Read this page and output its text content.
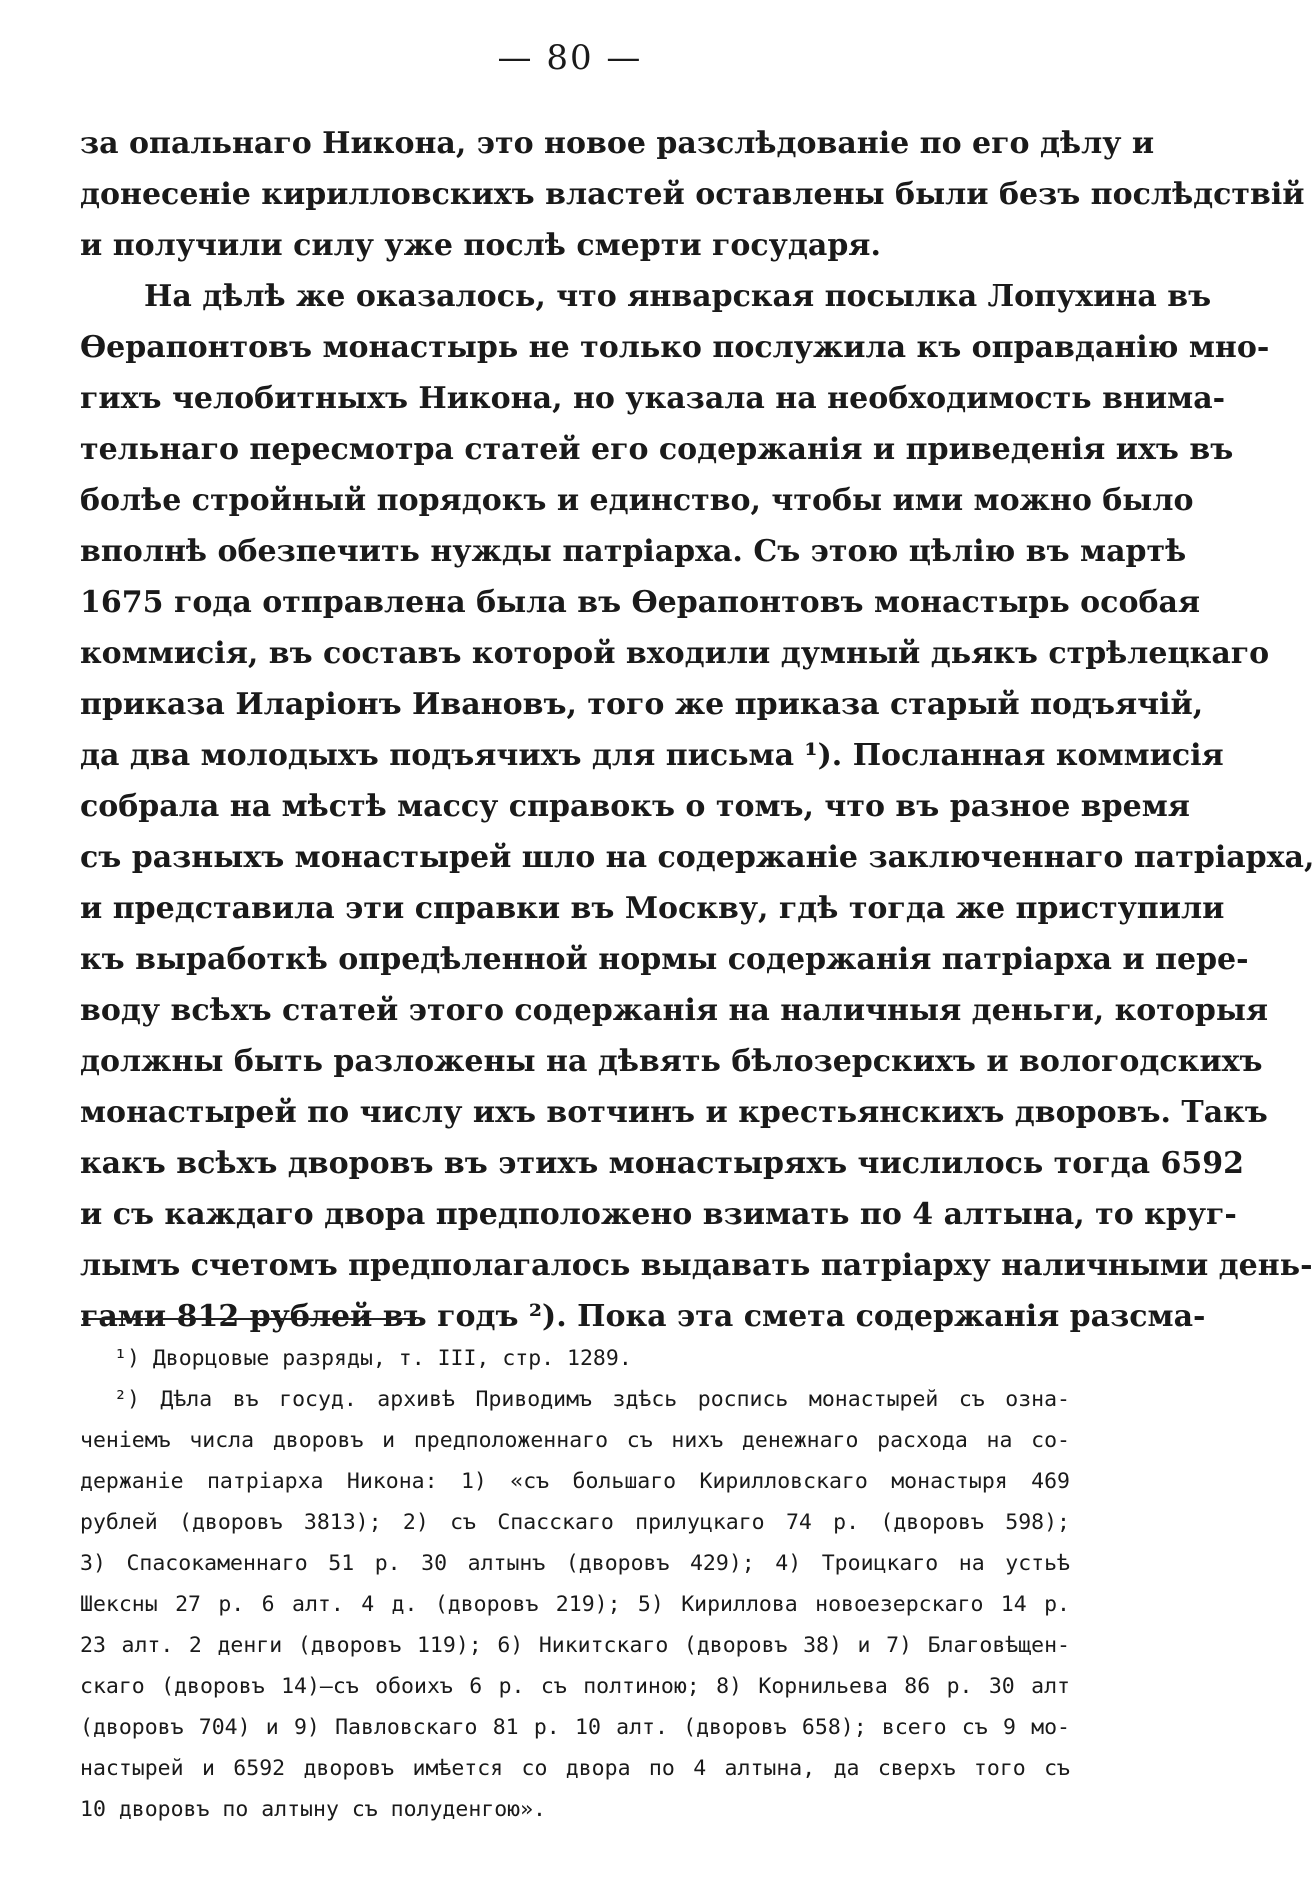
— 80 —
за опальнаго Никона, это новое разслѣдованіе по его дѣлу и
донесеніе кирилловскихъ властей оставлены были безъ послѣдствій
и получили силу уже послѣ смерти государя.
На дѣлѣ же оказалось, что январская посылка Лопухина въ
Ѳерапонтовъ монастырь не только послужила къ оправданію мно-
гихъ челобитныхъ Никона, но указала на необходимость внима-
тельнаго пересмотра статей его содержанія и приведенія ихъ въ
болѣе стройный порядокъ и единство, чтобы ими можно было
вполнѣ обезпечить нужды патріарха. Съ этою цѣлію въ мартѣ
1675 года отправлена была въ Ѳерапонтовъ монастырь особая
коммисія, въ составъ которой входили думный дьякъ стрѣлецкаго
приказа Иларіонъ Ивановъ, того же приказа старый подъячій,
да два молодыхъ подъячихъ для письма ¹). Посланная коммисія
собрала на мѣстѣ массу справокъ о томъ, что въ разное время
съ разныхъ монастырей шло на содержаніе заключеннаго патріарха,
и представила эти справки въ Москву, гдѣ тогда же приступили
къ выработкѣ опредѣленной нормы содержанія патріарха и пере-
воду всѣхъ статей этого содержанія на наличныя деньги, которыя
должны быть разложены на дѣвять бѣлозерскихъ и вологодскихъ
монастырей по числу ихъ вотчинъ и крестьянскихъ дворовъ. Такъ
какъ всѣхъ дворовъ въ этихъ монастыряхъ числилось тогда 6592
и съ каждаго двора предположено взимать по 4 алтына, то круг-
лымъ счетомъ предполагалось выдавать патріарху наличными день-
гами 812 рублей въ годъ ²). Пока эта смета содержанія разсма-
¹) Дворцовые разряды, т. III, стр. 1289.
²) Дѣла въ госуд. архивѣ Приводимъ здѣсь роспись монастырей съ озна-
ченіемъ числа дворовъ и предположеннаго съ нихъ денежнаго расхода на со-
держаніе патріарха Никона: 1) «съ большаго Кирилловскаго монастыря 469
рублей (дворовъ 3813); 2) съ Спасскаго прилуцкаго 74 р. (дворовъ 598);
3) Спасокаменнаго 51 р. 30 алтынъ (дворовъ 429); 4) Троицкаго на устьѣ
Шексны 27 р. 6 алт. 4 д. (дворовъ 219); 5) Кириллова новоезерскаго 14 р.
23 алт. 2 денги (дворовъ 119); 6) Никитскаго (дворовъ 38) и 7) Благовѣщен-
скаго (дворовъ 14)—съ обоихъ 6 р. съ полтиною; 8) Корнильева 86 р. 30 алт
(дворовъ 704) и 9) Павловскаго 81 р. 10 алт. (дворовъ 658); всего съ 9 мо-
настырей и 6592 дворовъ имѣется со двора по 4 алтына, да сверхъ того съ
10 дворовъ по алтыну съ полуденгою».
